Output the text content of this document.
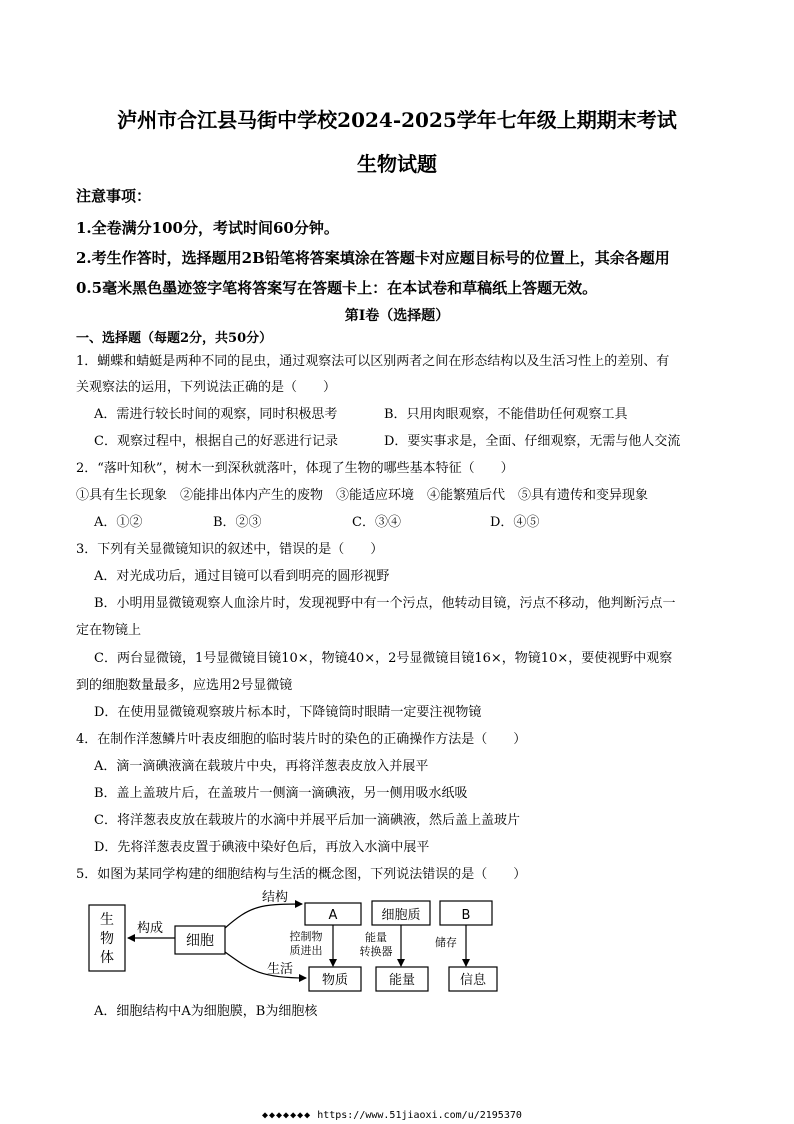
泸州市合江县马街中学校2024-2025学年七年级上期期末考试
生物试题
注意事项：
1.全卷满分100分，考试时间60分钟。
2.考生作答时，选择题用2B铅笔将答案填涂在答题卡对应题目标号的位置上，其余各题用
0.5毫米黑色墨迹签字笔将答案写在答题卡上：在本试卷和草稿纸上答题无效。
第Ⅰ卷（选择题）
一、选择题（每题2分，共50分）
1．蝴蝶和蜻蜓是两种不同的昆虫，通过观察法可以区别两者之间在形态结构以及生活习性上的差别、有
关观察法的运用，下列说法正确的是（　　）
A．需进行较长时间的观察，同时积极思考	B．只用肉眼观察，不能借助任何观察工具
C．观察过程中，根据自己的好恶进行记录	D．要实事求是，全面、仔细观察，无需与他人交流
2．“落叶知秋”，树木一到深秋就落叶，体现了生物的哪些基本特征（　　）
①具有生长现象　②能排出体内产生的废物　③能适应环境　④能繁殖后代　⑤具有遗传和变异现象
A．①②	B．②③	C．③④	D．④⑤
3．下列有关显微镜知识的叙述中，错误的是（　　）
A．对光成功后，通过目镜可以看到明亮的圆形视野
B．小明用显微镜观察人血涂片时，发现视野中有一个污点，他转动目镜，污点不移动，他判断污点一
定在物镜上
C．两台显微镜，1号显微镜目镜10×，物镜40×，2号显微镜目镜16×，物镜10×，要使视野中观察
到的细胞数量最多，应选用2号显微镜
D．在使用显微镜观察玻片标本时，下降镜筒时眼睛一定要注视物镜
4．在制作洋葱鳞片叶表皮细胞的临时装片时的染色的正确操作方法是（　　）
A．滴一滴碘液滴在载玻片中央，再将洋葱表皮放入并展平
B．盖上盖玻片后，在盖玻片一侧滴一滴碘液，另一侧用吸水纸吸
C．将洋葱表皮放在载玻片的水滴中并展平后加一滴碘液，然后盖上盖玻片
D．先将洋葱表皮置于碘液中染好色后，再放入水滴中展平
5．如图为某同学构建的细胞结构与生活的概念图，下列说法错误的是（　　）
生
物
体
构成
细胞
结构
生活
A	细胞质	B
控制物
质进出
能量
转换器
储存
物质	能量	信息
A．细胞结构中A为细胞膜，B为细胞核
◆◆◆◆◆◆◆ https://www.51jiaoxi.com/u/2195370
